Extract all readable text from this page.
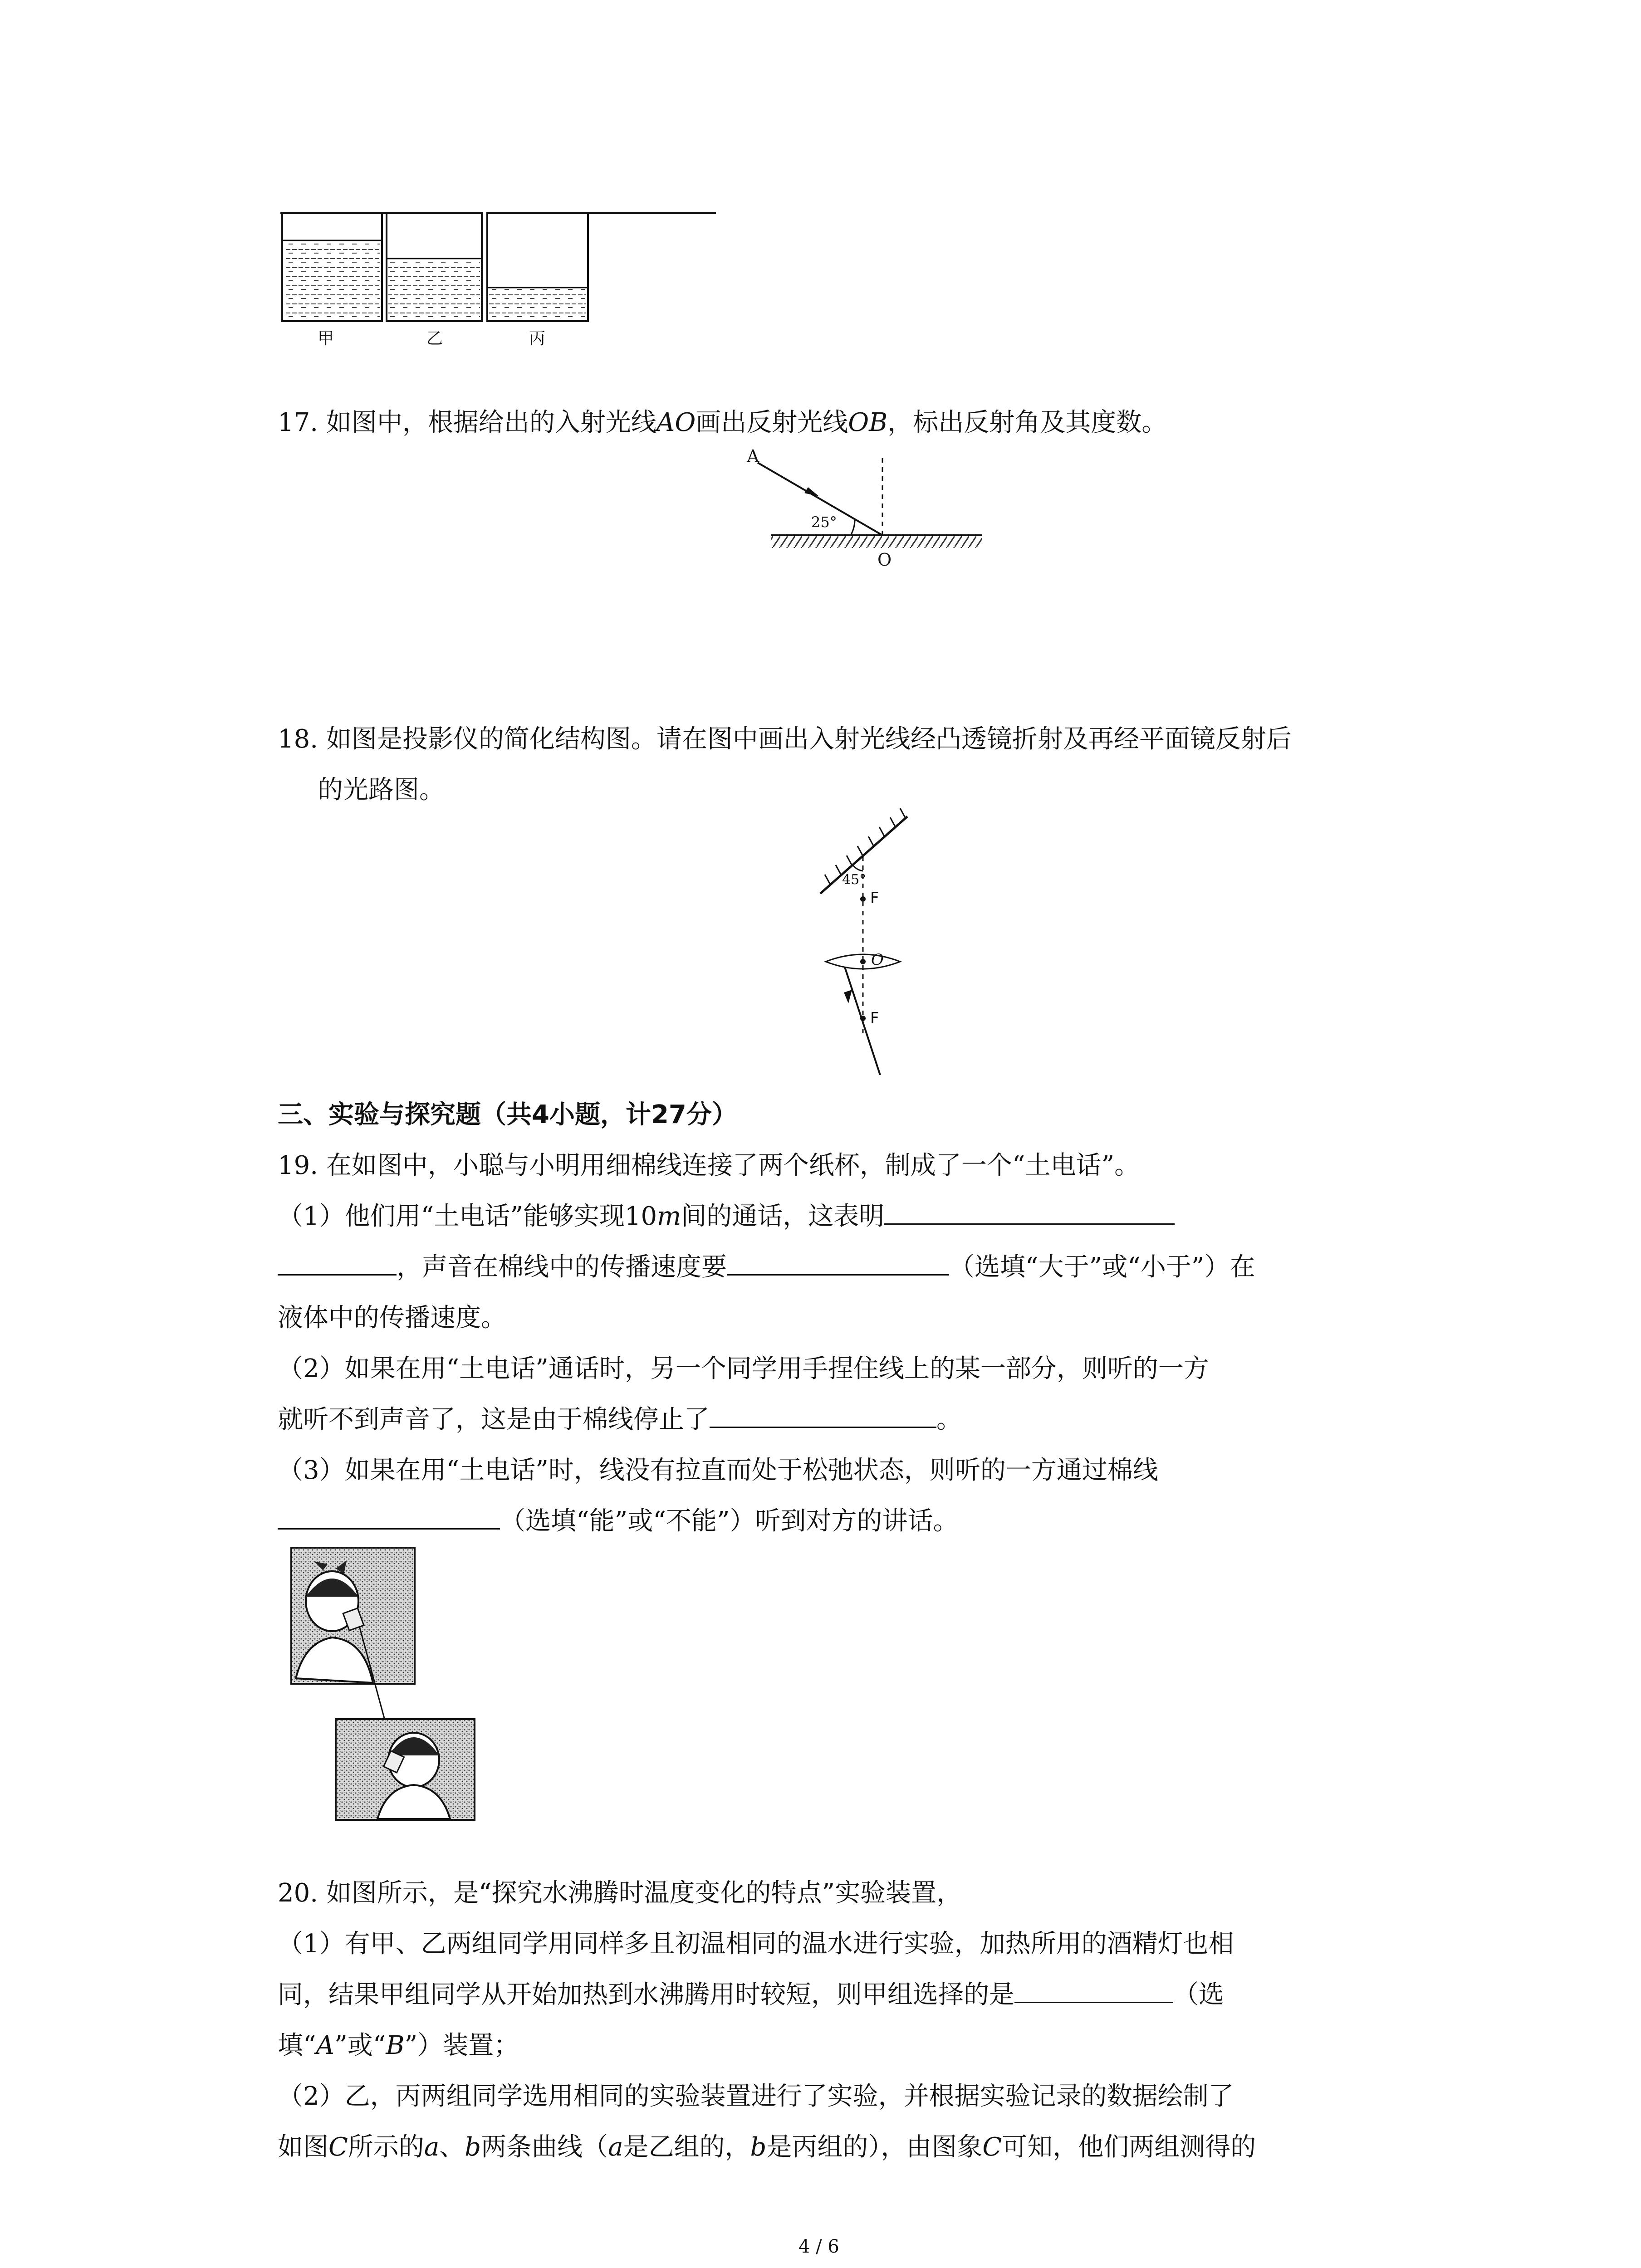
甲	乙	丙
17. 如图中，根据给出的入射光线AO画出反射光线OB，标出反射角及其度数。
A
25°
O
18. 如图是投影仪的简化结构图。请在图中画出入射光线经凸透镜折射及再经平面镜反射后
的光路图。
45°
F
O
F
三、实验与探究题（共4小题，计27分）
19. 在如图中，小聪与小明用细棉线连接了两个纸杯，制成了一个“土电话”。
（1）他们用“土电话”能够实现10m间的通话，这表明
，声音在棉线中的传播速度要	（选填“大于”或“小于”）在
液体中的传播速度。
（2）如果在用“土电话”通话时，另一个同学用手捏住线上的某一部分，则听的一方
就听不到声音了，这是由于棉线停止了	。
（3）如果在用“土电话”时，线没有拉直而处于松弛状态，则听的一方通过棉线
（选填“能”或“不能”）听到对方的讲话。
20. 如图所示，是“探究水沸腾时温度变化的特点”实验装置，
（1）有甲、乙两组同学用同样多且初温相同的温水进行实验，加热所用的酒精灯也相
同，结果甲组同学从开始加热到水沸腾用时较短，则甲组选择的是	（选
填“A”或“B”）装置；
（2）乙，丙两组同学选用相同的实验装置进行了实验，并根据实验记录的数据绘制了
如图C所示的a、b两条曲线（a是乙组的，b是丙组的），由图象C可知，他们两组测得的
4 / 6
